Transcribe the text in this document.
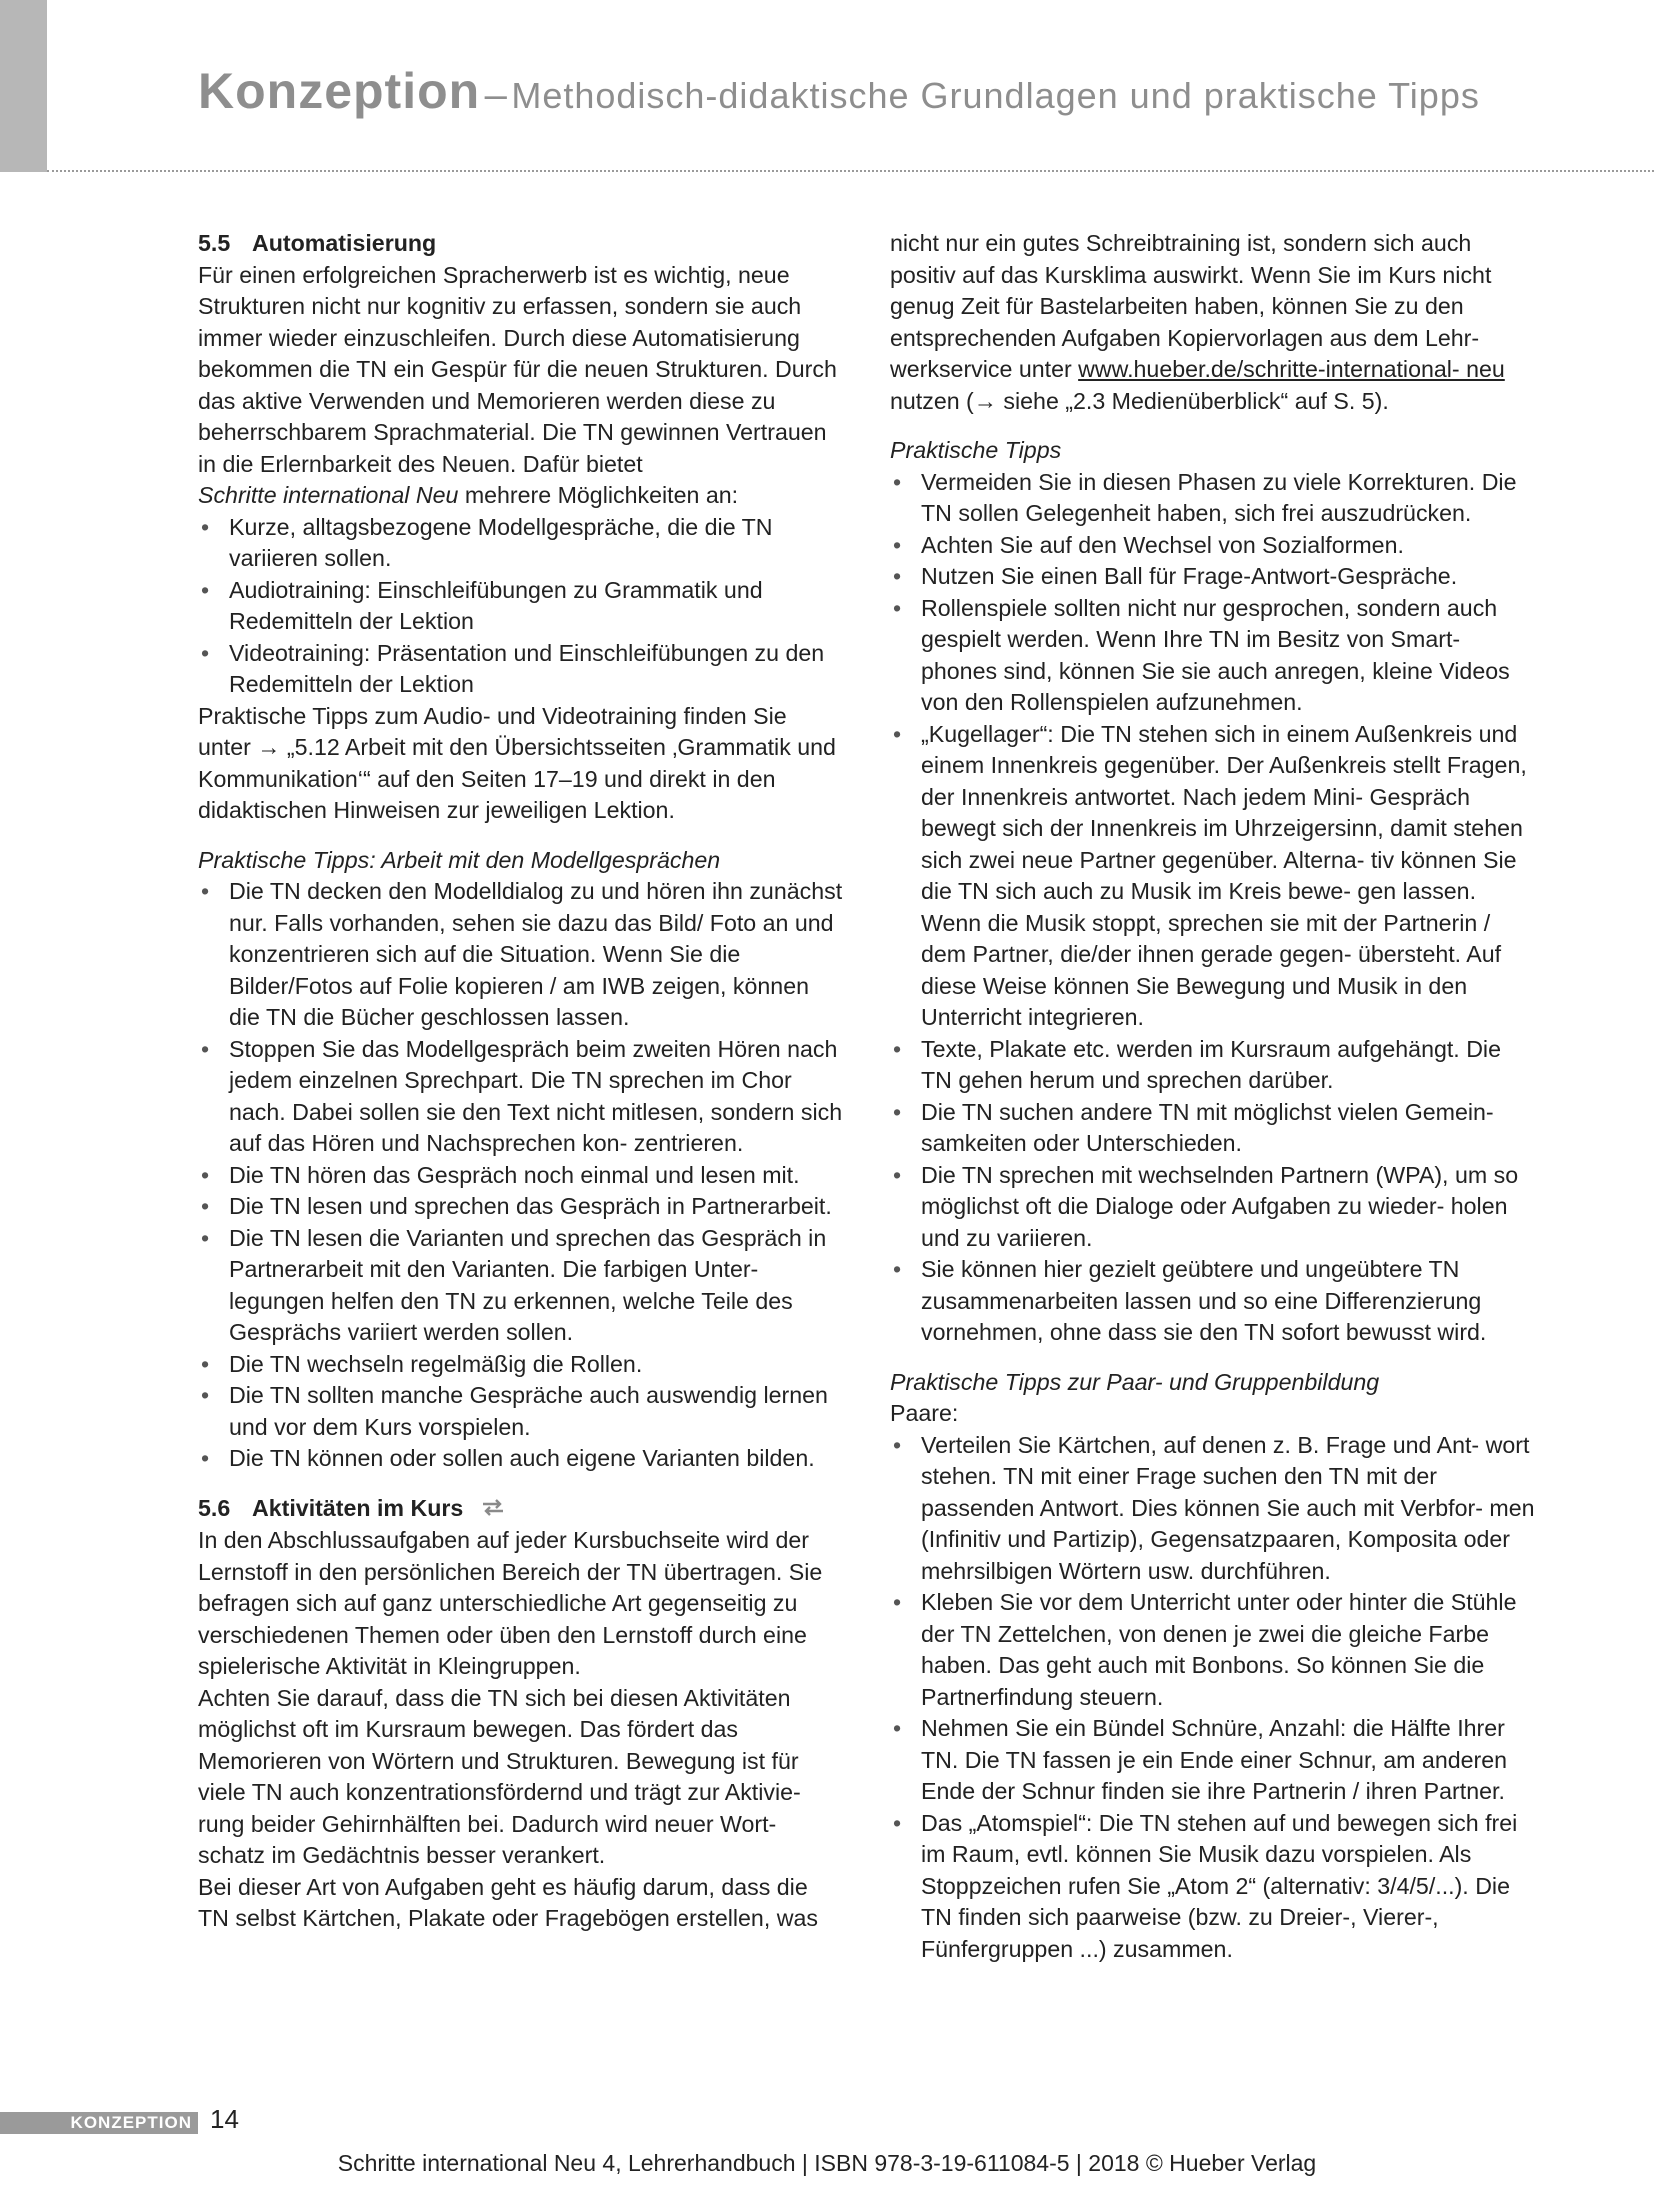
Konzeption – Methodisch-didaktische Grundlagen und praktische Tipps

5.5 Automatisierung

Für einen erfolgreichen Spracherwerb ist es wichtig, neue Strukturen nicht nur kognitiv zu erfassen, sondern sie auch immer wieder einzuschleifen. Durch diese Automatisierung bekommen die TN ein Gespür für die neuen Strukturen. Durch das aktive Verwenden und Memorieren werden diese zu beherrschbarem Sprachmaterial. Die TN gewinnen Vertrauen in die Erlernbarkeit des Neuen. Dafür bietet
Schritte international Neu mehrere Möglichkeiten an:

• Kurze, alltagsbezogene Modellgespräche, die die TN variieren sollen.
• Audiotraining: Einschleifübungen zu Grammatik und Redemitteln der Lektion
• Videotraining: Präsentation und Einschleifübungen zu den Redemitteln der Lektion

Praktische Tipps zum Audio- und Videotraining finden Sie unter → „5.12 Arbeit mit den Übersichtsseiten ‚Grammatik und Kommunikation‘“ auf den Seiten 17–19 und direkt in den didaktischen Hinweisen zur jeweiligen Lektion.

Praktische Tipps: Arbeit mit den Modellgesprächen

• Die TN decken den Modelldialog zu und hören ihn zunächst nur. Falls vorhanden, sehen sie dazu das Bild/ Foto an und konzentrieren sich auf die Situation. Wenn Sie die Bilder/Fotos auf Folie kopieren / am IWB zeigen, können die TN die Bücher geschlossen lassen.
• Stoppen Sie das Modellgespräch beim zweiten Hören nach jedem einzelnen Sprechpart. Die TN sprechen im Chor nach. Dabei sollen sie den Text nicht mitlesen, sondern sich auf das Hören und Nachsprechen kon- zentrieren.
• Die TN hören das Gespräch noch einmal und lesen mit.
• Die TN lesen und sprechen das Gespräch in Partnerarbeit.
• Die TN lesen die Varianten und sprechen das Gespräch in Partnerarbeit mit den Varianten. Die farbigen Unter- legungen helfen den TN zu erkennen, welche Teile des Gesprächs variiert werden sollen.
• Die TN wechseln regelmäßig die Rollen.
• Die TN sollten manche Gespräche auch auswendig lernen und vor dem Kurs vorspielen.
• Die TN können oder sollen auch eigene Varianten bilden.

5.6 Aktivitäten im Kurs

In den Abschlussaufgaben auf jeder Kursbuchseite wird der Lernstoff in den persönlichen Bereich der TN übertragen. Sie befragen sich auf ganz unterschiedliche Art gegenseitig zu verschiedenen Themen oder üben den Lernstoff durch eine spielerische Aktivität in Kleingruppen.

Achten Sie darauf, dass die TN sich bei diesen Aktivitäten möglichst oft im Kursraum bewegen. Das fördert das Memorieren von Wörtern und Strukturen. Bewegung ist für viele TN auch konzentrationsfördernd und trägt zur Aktivie- rung beider Gehirnhälften bei. Dadurch wird neuer Wort- schatz im Gedächtnis besser verankert.

Bei dieser Art von Aufgaben geht es häufig darum, dass die TN selbst Kärtchen, Plakate oder Fragebögen erstellen, was

nicht nur ein gutes Schreibtraining ist, sondern sich auch positiv auf das Kursklima auswirkt. Wenn Sie im Kurs nicht genug Zeit für Bastelarbeiten haben, können Sie zu den entsprechenden Aufgaben Kopiervorlagen aus dem Lehr- werkservice unter www.hueber.de/schritte-international- neu nutzen (→ siehe „2.3 Medienüberblick“ auf S. 5).

Praktische Tipps

• Vermeiden Sie in diesen Phasen zu viele Korrekturen. Die TN sollen Gelegenheit haben, sich frei auszudrücken.
• Achten Sie auf den Wechsel von Sozialformen.
• Nutzen Sie einen Ball für Frage-Antwort-Gespräche.
• Rollenspiele sollten nicht nur gesprochen, sondern auch gespielt werden. Wenn Ihre TN im Besitz von Smart- phones sind, können Sie sie auch anregen, kleine Videos von den Rollenspielen aufzunehmen.
• „Kugellager“: Die TN stehen sich in einem Außenkreis und einem Innenkreis gegenüber. Der Außenkreis stellt Fragen, der Innenkreis antwortet. Nach jedem Mini- Gespräch bewegt sich der Innenkreis im Uhrzeigersinn, damit stehen sich zwei neue Partner gegenüber. Alterna- tiv können Sie die TN sich auch zu Musik im Kreis bewe- gen lassen. Wenn die Musik stoppt, sprechen sie mit der Partnerin / dem Partner, die/der ihnen gerade gegen- übersteht. Auf diese Weise können Sie Bewegung und Musik in den Unterricht integrieren.
• Texte, Plakate etc. werden im Kursraum aufgehängt. Die TN gehen herum und sprechen darüber.
• Die TN suchen andere TN mit möglichst vielen Gemein- samkeiten oder Unterschieden.
• Die TN sprechen mit wechselnden Partnern (WPA), um so möglichst oft die Dialoge oder Aufgaben zu wieder- holen und zu variieren.
• Sie können hier gezielt geübtere und ungeübtere TN zusammenarbeiten lassen und so eine Differenzierung vornehmen, ohne dass sie den TN sofort bewusst wird.

Praktische Tipps zur Paar- und Gruppenbildung

Paare:

• Verteilen Sie Kärtchen, auf denen z. B. Frage und Ant- wort stehen. TN mit einer Frage suchen den TN mit der passenden Antwort. Dies können Sie auch mit Verbfor- men (Infinitiv und Partizip), Gegensatzpaaren, Komposita oder mehrsilbigen Wörtern usw. durchführen.
• Kleben Sie vor dem Unterricht unter oder hinter die Stühle der TN Zettelchen, von denen je zwei die gleiche Farbe haben. Das geht auch mit Bonbons. So können Sie die Partnerfindung steuern.
• Nehmen Sie ein Bündel Schnüre, Anzahl: die Hälfte Ihrer TN. Die TN fassen je ein Ende einer Schnur, am anderen Ende der Schnur finden sie ihre Partnerin / ihren Partner.
• Das „Atomspiel“: Die TN stehen auf und bewegen sich frei im Raum, evtl. können Sie Musik dazu vorspielen. Als Stoppzeichen rufen Sie „Atom 2“ (alternativ: 3/4/5/...). Die TN finden sich paarweise (bzw. zu Dreier-, Vierer-, Fünfergruppen ...) zusammen.
KONZEPTION 14
Schritte international Neu 4, Lehrerhandbuch | ISBN 978-3-19-611084-5 | 2018 © Hueber Verlag
